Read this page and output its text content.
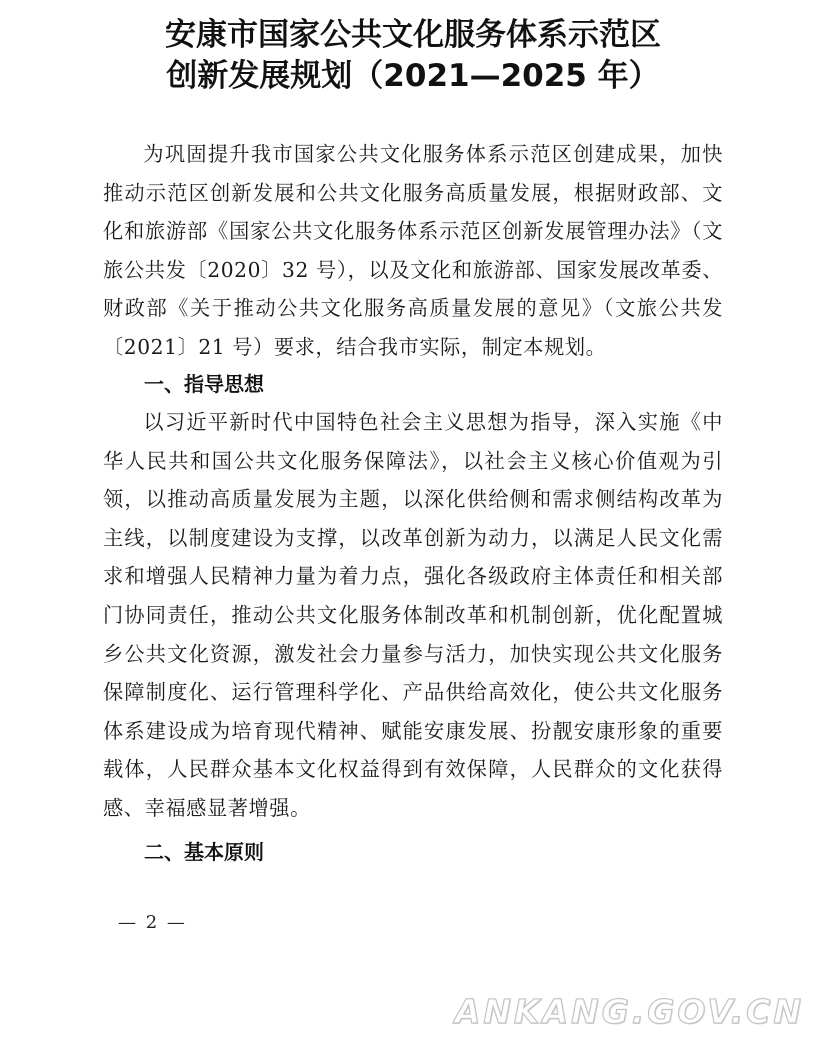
安康市国家公共文化服务体系示范区
创新发展规划（2021—2025 年）
为巩固提升我市国家公共文化服务体系示范区创建成果，加快推动示范区创新发展和公共文化服务高质量发展，根据财政部、文化和旅游部《国家公共文化服务体系示范区创新发展管理办法》（文旅公共发〔2020〕32 号），以及文化和旅游部、国家发展改革委、财政部《关于推动公共文化服务高质量发展的意见》（文旅公共发〔2021〕21 号）要求，结合我市实际，制定本规划。
一、指导思想
以习近平新时代中国特色社会主义思想为指导，深入实施《中华人民共和国公共文化服务保障法》，以社会主义核心价值观为引领，以推动高质量发展为主题，以深化供给侧和需求侧结构改革为主线，以制度建设为支撑，以改革创新为动力，以满足人民文化需求和增强人民精神力量为着力点，强化各级政府主体责任和相关部门协同责任，推动公共文化服务体制改革和机制创新，优化配置城乡公共文化资源，激发社会力量参与活力，加快实现公共文化服务保障制度化、运行管理科学化、产品供给高效化，使公共文化服务体系建设成为培育现代精神、赋能安康发展、扮靓安康形象的重要载体，人民群众基本文化权益得到有效保障，人民群众的文化获得感、幸福感显著增强。
二、基本原则
— 2 —
ANKANG.GOV.CN
